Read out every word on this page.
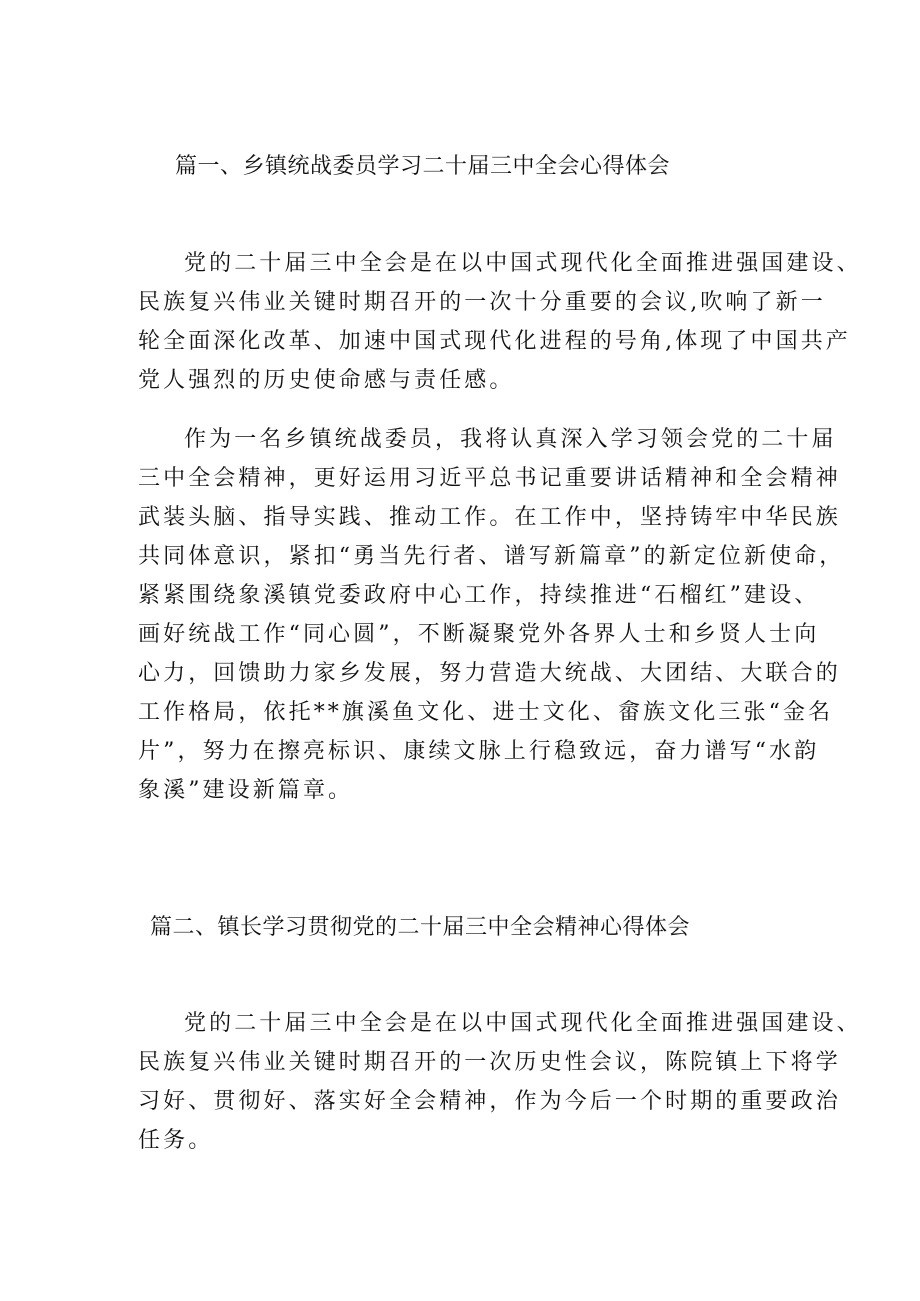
篇一、乡镇统战委员学习二十届三中全会心得体会

党的二十届三中全会是在以中国式现代化全面推进强国建设、
民族复兴伟业关键时期召开的一次十分重要的会议,吹响了新一
轮全面深化改革、加速中国式现代化进程的号角,体现了中国共产
党人强烈的历史使命感与责任感。

作为一名乡镇统战委员，我将认真深入学习领会党的二十届
三中全会精神，更好运用习近平总书记重要讲话精神和全会精神
武装头脑、指导实践、推动工作。在工作中，坚持铸牢中华民族
共同体意识，紧扣“勇当先行者、谱写新篇章”的新定位新使命，
紧紧围绕象溪镇党委政府中心工作，持续推进“石榴红”建设、
画好统战工作“同心圆”，不断凝聚党外各界人士和乡贤人士向
心力，回馈助力家乡发展，努力营造大统战、大团结、大联合的
工作格局，依托**旗溪鱼文化、进士文化、畲族文化三张“金名
片”，努力在擦亮标识、康续文脉上行稳致远，奋力谱写“水韵
象溪”建设新篇章。

篇二、镇长学习贯彻党的二十届三中全会精神心得体会

党的二十届三中全会是在以中国式现代化全面推进强国建设、
民族复兴伟业关键时期召开的一次历史性会议，陈院镇上下将学
习好、贯彻好、落实好全会精神，作为今后一个时期的重要政治
任务。
